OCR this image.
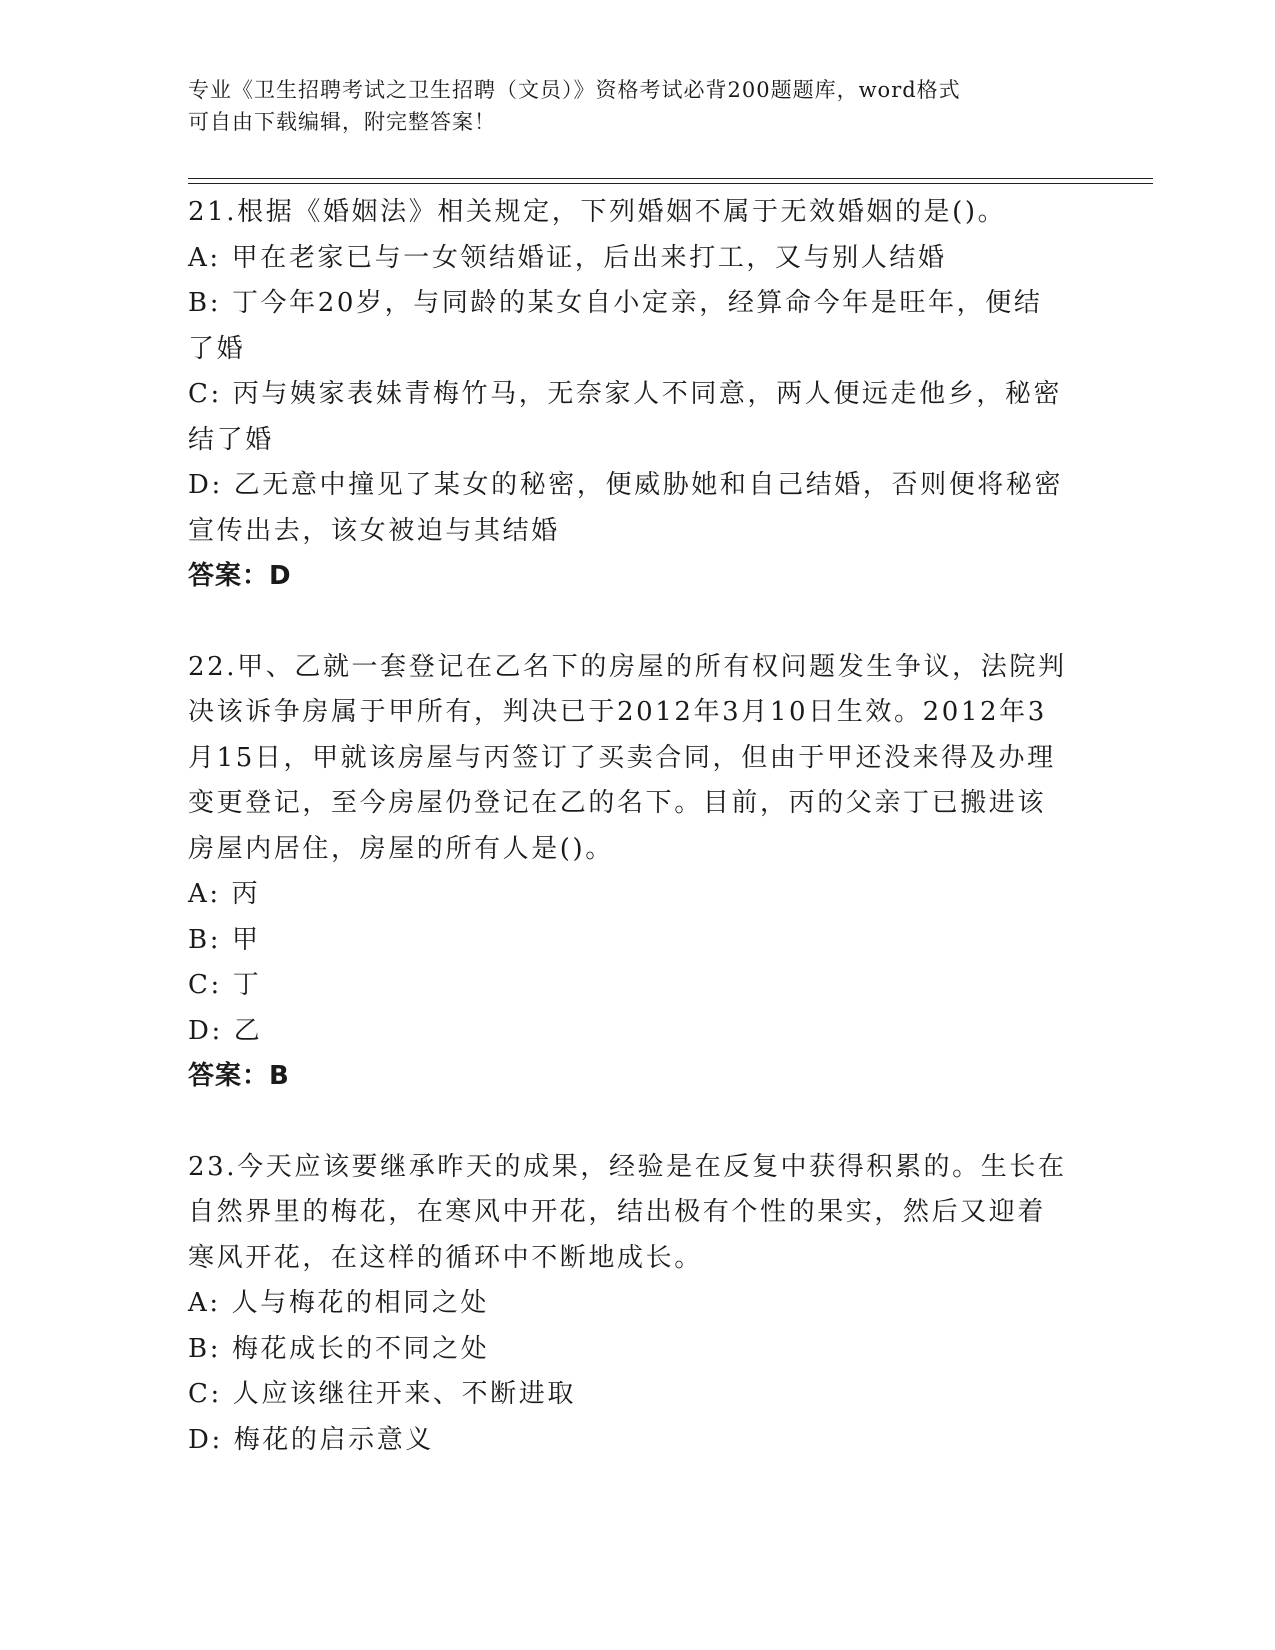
专业《卫生招聘考试之卫生招聘（文员）》资格考试必背200题题库，word格式
可自由下载编辑，附完整答案！
21.根据《婚姻法》相关规定，下列婚姻不属于无效婚姻的是()。
A: 甲在老家已与一女领结婚证，后出来打工，又与别人结婚
B: 丁今年20岁，与同龄的某女自小定亲，经算命今年是旺年，便结
了婚
C: 丙与姨家表妹青梅竹马，无奈家人不同意，两人便远走他乡，秘密
结了婚
D: 乙无意中撞见了某女的秘密，便威胁她和自己结婚，否则便将秘密
宣传出去，该女被迫与其结婚
答案：D
22.甲、乙就一套登记在乙名下的房屋的所有权问题发生争议，法院判
决该诉争房属于甲所有，判决已于2012年3月10日生效。2012年3
月15日，甲就该房屋与丙签订了买卖合同，但由于甲还没来得及办理
变更登记，至今房屋仍登记在乙的名下。目前，丙的父亲丁已搬进该
房屋内居住，房屋的所有人是()。
A: 丙
B: 甲
C: 丁
D: 乙
答案：B
23.今天应该要继承昨天的成果，经验是在反复中获得积累的。生长在
自然界里的梅花，在寒风中开花，结出极有个性的果实，然后又迎着
寒风开花，在这样的循环中不断地成长。
A: 人与梅花的相同之处
B: 梅花成长的不同之处
C: 人应该继往开来、不断进取
D: 梅花的启示意义
